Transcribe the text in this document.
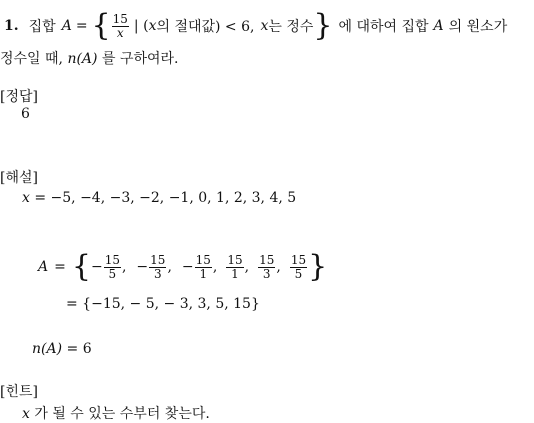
1. 집합 A = { $\frac{15}{x}$ | ( x 의 절대값) < 6, x 는 정수 } 에 대하여 집합 A 의 원소가
정수일 때, n(A) 를 구하여라.
[정답]
6
[해설]
x = −5, −4, −3, −2, −1, 0, 1, 2, 3, 4, 5
A = { − $\frac{15}{5}$ , − $\frac{15}{3}$ , − $\frac{15}{1}$ , $\frac{15}{1}$ , $\frac{15}{3}$ , $\frac{15}{5}$ }
= {−15, − 5, − 3, 3, 5, 15}
n(A) = 6
[힌트]
x 가 될 수 있는 수부터 찾는다.
